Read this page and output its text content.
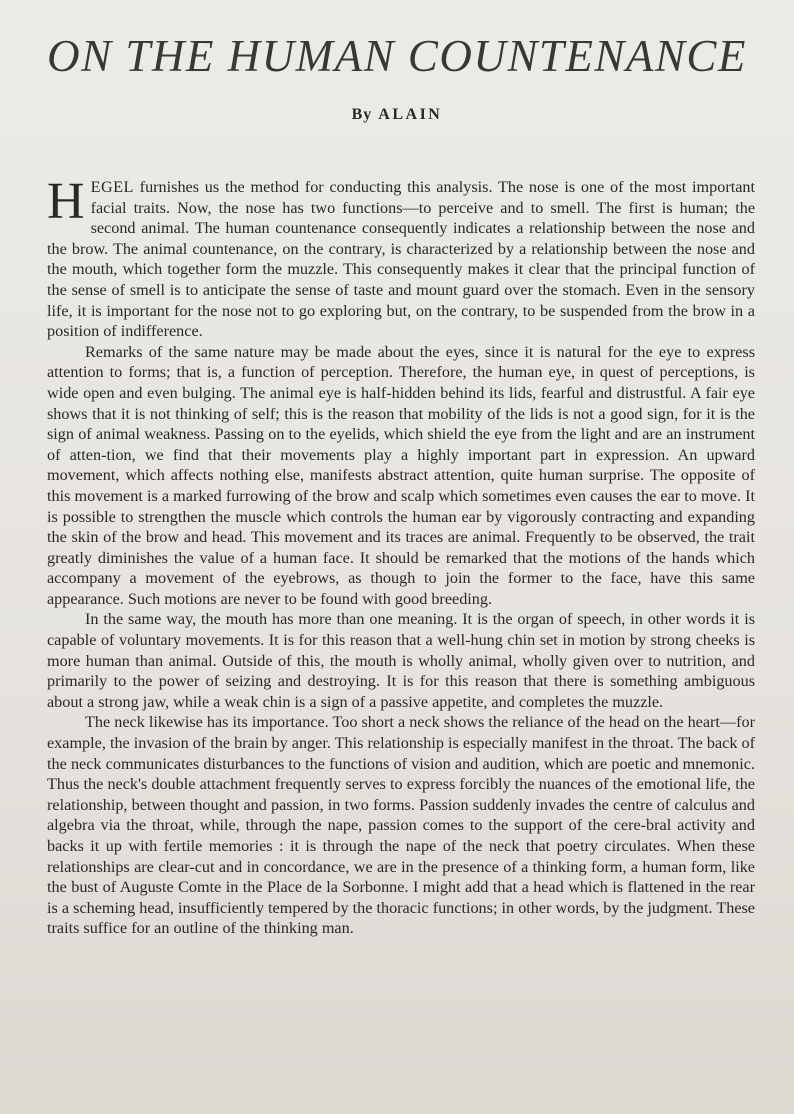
ON THE HUMAN COUNTENANCE
By ALAIN

HEGEL furnishes us the method for conducting this analysis. The nose is one of the most important facial traits. Now, the nose has two functions—to perceive and to smell. The first is human; the second animal. The human countenance consequently indicates a relationship between the nose and the brow. The animal countenance, on the contrary, is characterized by a relationship between the nose and the mouth, which together form the muzzle. This consequently makes it clear that the principal function of the sense of smell is to anticipate the sense of taste and mount guard over the stomach. Even in the sensory life, it is important for the nose not to go exploring but, on the contrary, to be suspended from the brow in a position of indifference.

Remarks of the same nature may be made about the eyes, since it is natural for the eye to express attention to forms; that is, a function of perception. Therefore, the human eye, in quest of perceptions, is wide open and even bulging. The animal eye is half-hidden behind its lids, fearful and distrustful. A fair eye shows that it is not thinking of self; this is the reason that mobility of the lids is not a good sign, for it is the sign of animal weakness. Passing on to the eyelids, which shield the eye from the light and are an instrument of atten-tion, we find that their movements play a highly important part in expression. An upward movement, which affects nothing else, manifests abstract attention, quite human surprise. The opposite of this movement is a marked furrowing of the brow and scalp which sometimes even causes the ear to move. It is possible to strengthen the muscle which controls the human ear by vigorously contracting and expanding the skin of the brow and head. This movement and its traces are animal. Frequently to be observed, the trait greatly diminishes the value of a human face. It should be remarked that the motions of the hands which accompany a movement of the eyebrows, as though to join the former to the face, have this same appearance. Such motions are never to be found with good breeding.

In the same way, the mouth has more than one meaning. It is the organ of speech, in other words it is capable of voluntary movements. It is for this reason that a well-hung chin set in motion by strong cheeks is more human than animal. Outside of this, the mouth is wholly animal, wholly given over to nutrition, and primarily to the power of seizing and destroying. It is for this reason that there is something ambiguous about a strong jaw, while a weak chin is a sign of a passive appetite, and completes the muzzle.

The neck likewise has its importance. Too short a neck shows the reliance of the head on the heart—for example, the invasion of the brain by anger. This relationship is especially manifest in the throat. The back of the neck communicates disturbances to the functions of vision and audition, which are poetic and mnemonic. Thus the neck's double attachment frequently serves to express forcibly the nuances of the emotional life, the relationship, between thought and passion, in two forms. Passion suddenly invades the centre of calculus and algebra via the throat, while, through the nape, passion comes to the support of the cere-bral activity and backs it up with fertile memories : it is through the nape of the neck that poetry circulates. When these relationships are clear-cut and in concordance, we are in the presence of a thinking form, a human form, like the bust of Auguste Comte in the Place de la Sorbonne. I might add that a head which is flattened in the rear is a scheming head, insufficiently tempered by the thoracic functions; in other words, by the judgment. These traits suffice for an outline of the thinking man.
